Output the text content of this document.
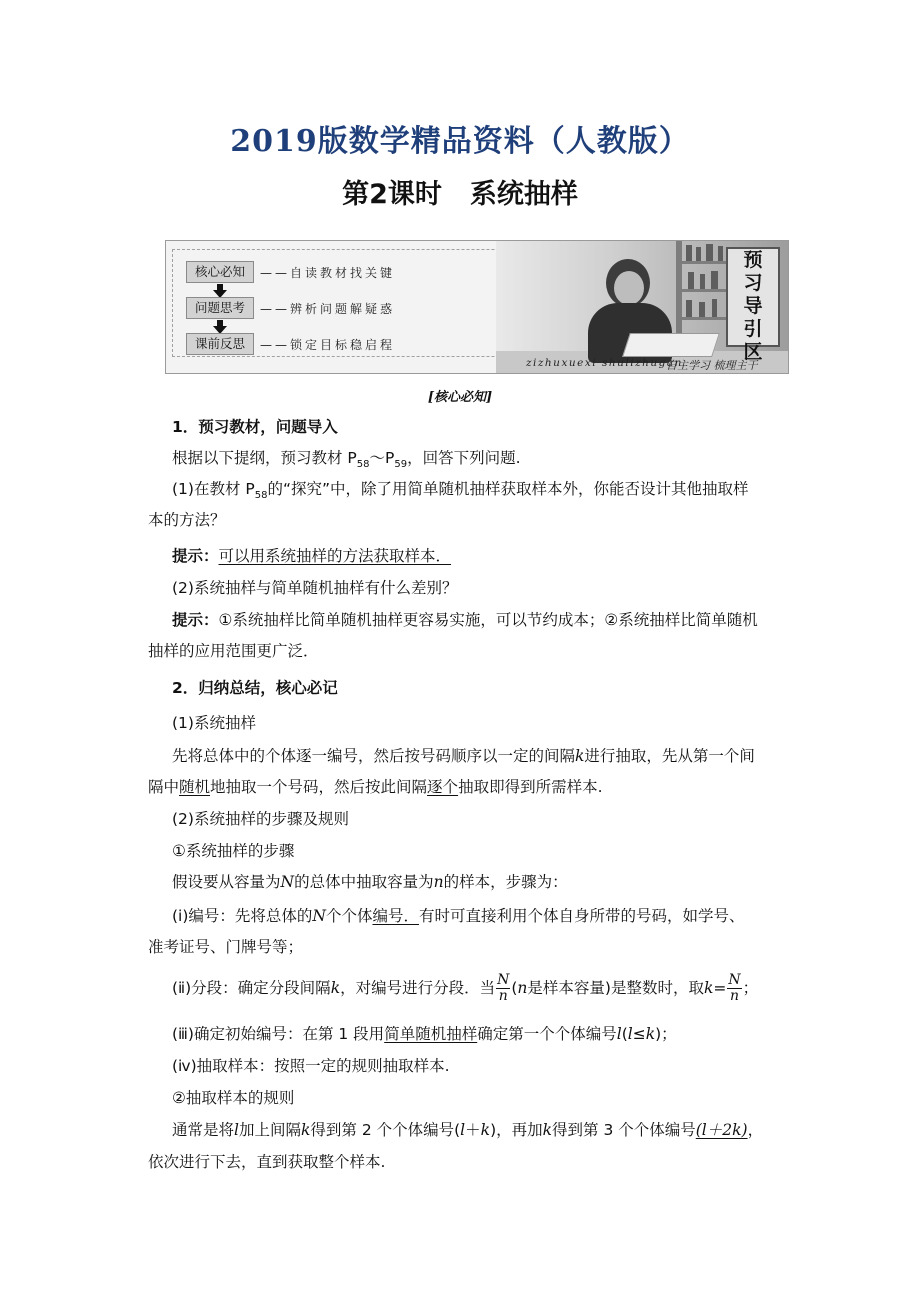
2019版数学精品资料（人教版）
第2课时 系统抽样
核心必知	——自读教材找关键
问题思考	——辨析问题解疑惑
课前反思	——锁定目标稳启程
预
习
导
引
区
zizhuxuexi shulizhugan
自主学习 梳理主干
[核心必知]
1．预习教材，问题导入
根据以下提纲，预习教材 $P_{58}\sim P_{59}$，回答下列问题.
(1)在教材 $P_{58}$的“探究”中，除了用简单随机抽样获取样本外，你能否设计其他抽取样
本的方法？
提示：可以用系统抽样的方法获取样本．
(2)系统抽样与简单随机抽样有什么差别？
提示：①系统抽样比简单随机抽样更容易实施，可以节约成本；②系统抽样比简单随机
抽样的应用范围更广泛．
2．归纳总结，核心必记
(1)系统抽样
先将总体中的个体逐一编号，然后按号码顺序以一定的间隔k进行抽取，先从第一个间
隔中随机地抽取一个号码，然后按此间隔逐个抽取即得到所需样本.
(2)系统抽样的步骤及规则
①系统抽样的步骤
假设要从容量为N的总体中抽取容量为n的样本，步骤为：
(ⅰ)编号：先将总体的N个个体编号．有时可直接利用个体自身所带的号码，如学号、
准考证号、门牌号等；
(ⅱ)分段：确定分段间隔k，对编号进行分段．当 $\frac{N}{n} (n$是样本容量)是整数时，取$k= \frac{N}{n}$ ；
(ⅲ)确定初始编号：在第 1 段用简单随机抽样确定第一个个体编号l(l≤k)；
(ⅳ)抽取样本：按照一定的规则抽取样本.
②抽取样本的规则
通常是将l加上间隔k得到第 2 个个体编号(l＋k)，再加k得到第 3 个个体编号(l＋2k)，
依次进行下去，直到获取整个样本.
